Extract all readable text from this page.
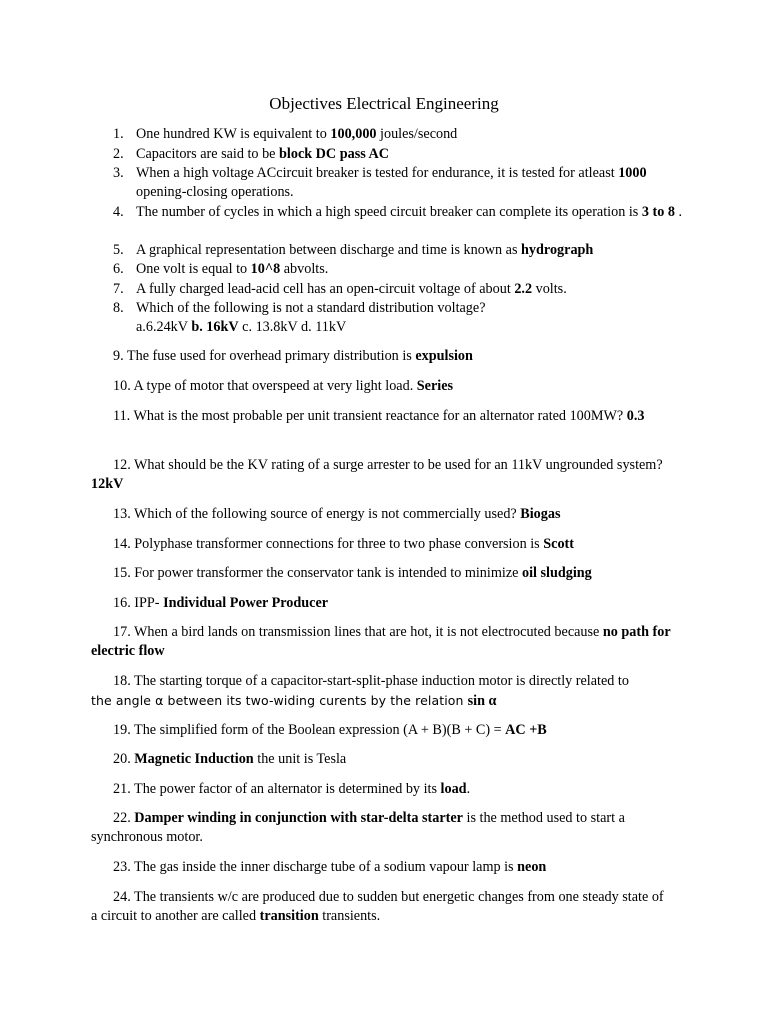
Objectives Electrical Engineering
1. One hundred KW is equivalent to 100,000 joules/second
2. Capacitors are said to be block DC pass AC
3. When a high voltage ACcircuit breaker is tested for endurance, it is tested for atleast 1000 opening-closing operations.
4. The number of cycles in which a high speed circuit breaker can complete its operation is 3 to 8 .
5. A graphical representation between discharge and time is known as hydrograph
6. One volt is equal to 10^8 abvolts.
7. A fully charged lead-acid cell has an open-circuit voltage of about 2.2 volts.
8. Which of the following is not a standard distribution voltage?
a.6.24kV b. 16kV c. 13.8kV d. 11kV
9. The fuse used for overhead primary distribution is expulsion
10. A type of motor that overspeed at very light load. Series
11. What is the most probable per unit transient reactance for an alternator rated 100MW? 0.3
12. What should be the KV rating of a surge arrester to be used for an 11kV ungrounded system? 12kV
13. Which of the following source of energy is not commercially used? Biogas
14. Polyphase transformer connections for three to two phase conversion is Scott
15. For power transformer the conservator tank is intended to minimize oil sludging
16. IPP- Individual Power Producer
17. When a bird lands on transmission lines that are hot, it is not electrocuted because no path for electric flow
18. The starting torque of a capacitor-start-split-phase induction motor is directly related to
the angle α between its two-widing curents by the relation sin α
19. The simplified form of the Boolean expression (A + B)(B + C) = AC +B
20. Magnetic Induction the unit is Tesla
21. The power factor of an alternator is determined by its load.
22. Damper winding in conjunction with star-delta starter is the method used to start a synchronous motor.
23. The gas inside the inner discharge tube of a sodium vapour lamp is neon
24. The transients w/c are produced due to sudden but energetic changes from one steady state of a circuit to another are called transition transients.
